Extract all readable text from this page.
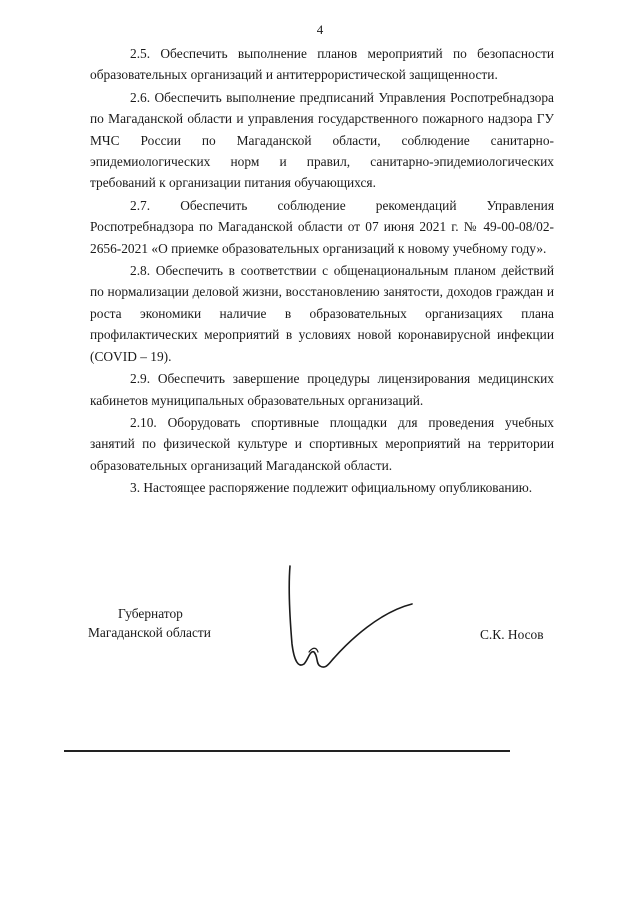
4

2.5. Обеспечить выполнение планов мероприятий по безопасности образовательных организаций и антитеррористической защищенности.

2.6. Обеспечить выполнение предписаний Управления Роспотребнадзора по Магаданской области и управления государственного пожарного надзора ГУ МЧС России по Магаданской области, соблюдение санитарно-эпидемиологических норм и правил, санитарно-эпидемиологических требований к организации питания обучающихся.

2.7. Обеспечить соблюдение рекомендаций Управления Роспотребнадзора по Магаданской области от 07 июня 2021 г. № 49-00-08/02-2656-2021 «О приемке образовательных организаций к новому учебному году».

2.8. Обеспечить в соответствии с общенациональным планом действий по нормализации деловой жизни, восстановлению занятости, доходов граждан и роста экономики наличие в образовательных организациях плана профилактических мероприятий в условиях новой коронавирусной инфекции (COVID – 19).

2.9. Обеспечить завершение процедуры лицензирования медицинских кабинетов муниципальных образовательных организаций.

2.10. Оборудовать спортивные площадки для проведения учебных занятий по физической культуре и спортивных мероприятий на территории образовательных организаций Магаданской области.

3. Настоящее распоряжение подлежит официальному опубликованию.

Губернатор
Магаданской области	С.К. Носов
